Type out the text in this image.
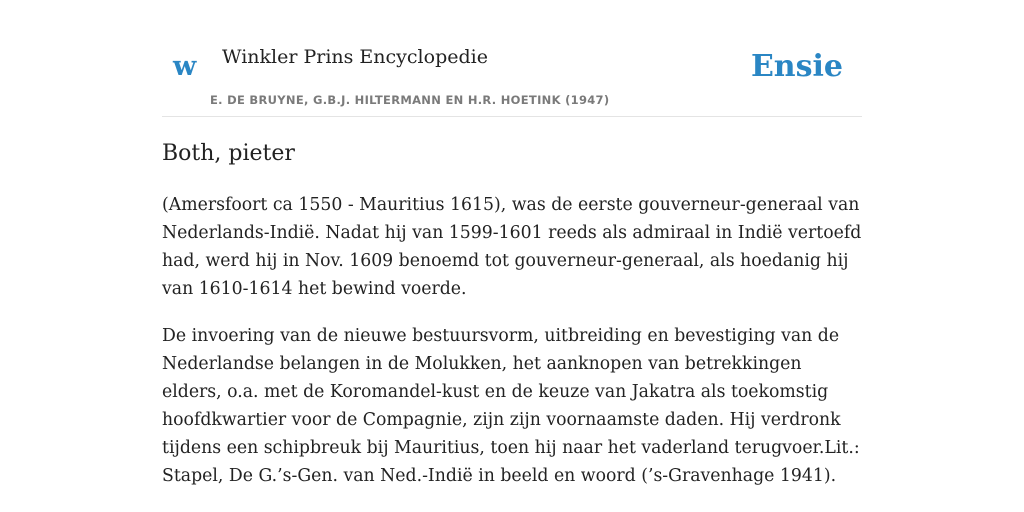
w Winkler Prins Encyclopedie
E. DE BRUYNE, G.B.J. HILTERMANN EN H.R. HOETINK (1947)
Ensie
Both, pieter

(Amersfoort ca 1550 - Mauritius 1615), was de eerste gouverneur-generaal van Nederlands-Indië. Nadat hij van 1599-1601 reeds als admiraal in Indië vertoefd had, werd hij in Nov. 1609 benoemd tot gouverneur-generaal, als hoedanig hij van 1610-1614 het bewind voerde.

De invoering van de nieuwe bestuursvorm, uitbreiding en bevestiging van de Nederlandse belangen in de Molukken, het aanknopen van betrekkingen elders, o.a. met de Koromandel-kust en de keuze van Jakatra als toekomstig hoofdkwartier voor de Compagnie, zijn zijn voornaamste daden. Hij verdronk tijdens een schipbreuk bij Mauritius, toen hij naar het vaderland terugvoer.Lit.: Stapel, De G.’s-Gen. van Ned.-Indië in beeld en woord (’s-Gravenhage 1941).
